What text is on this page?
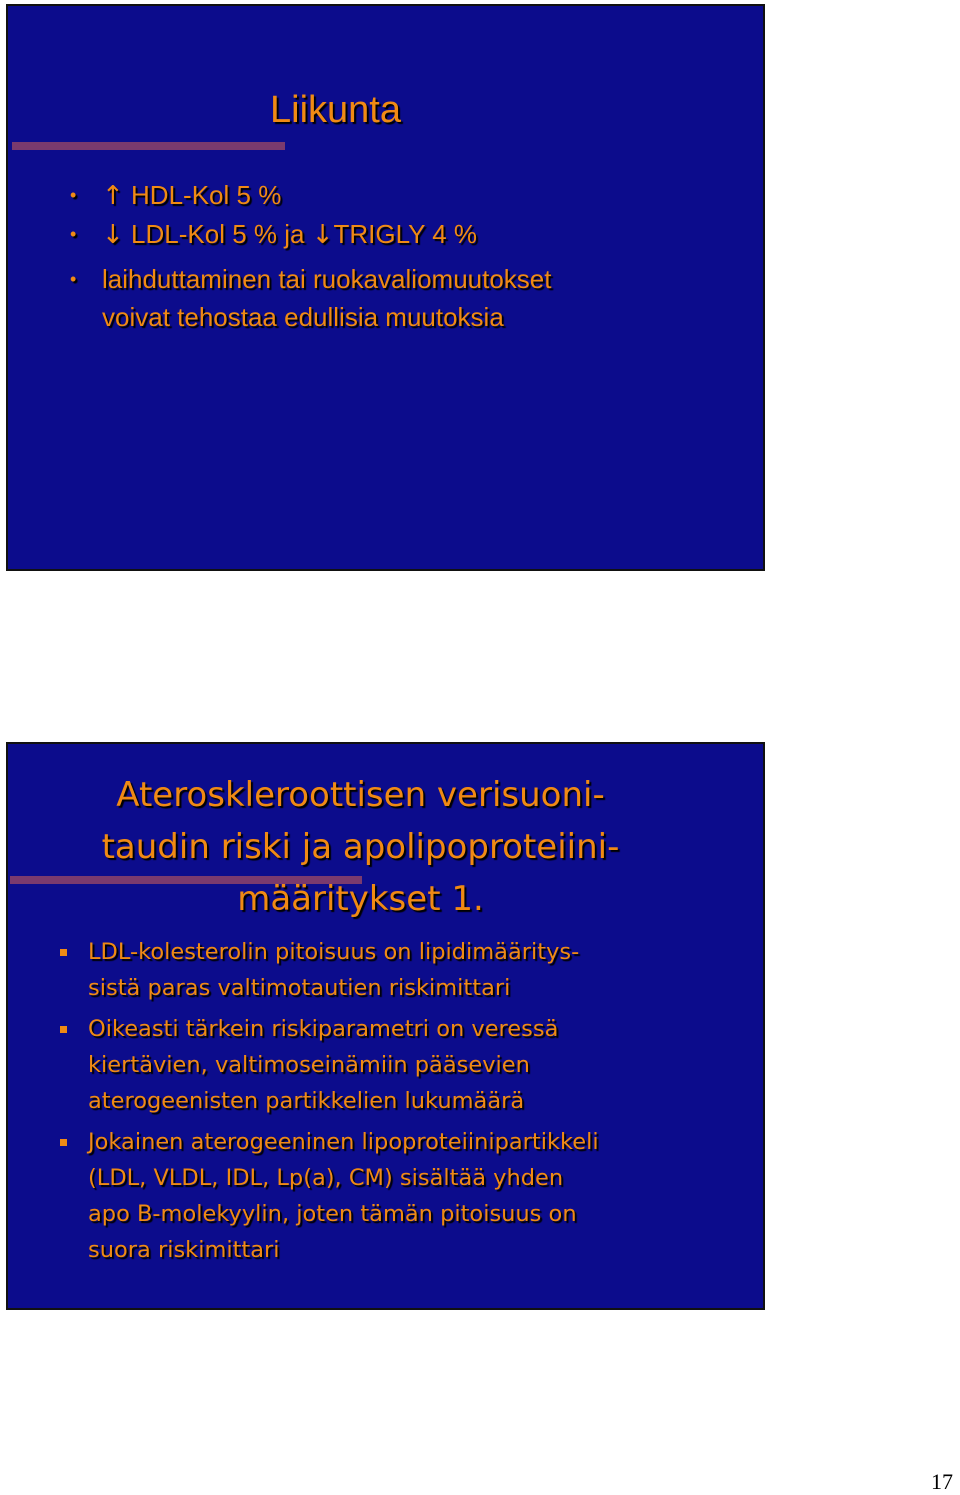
Liikunta
• ↑ HDL-Kol 5 %
• ↓ LDL-Kol 5 % ja ↓TRIGLY 4 %
• laihduttaminen tai ruokavaliomuutokset
voivat tehostaa edullisia muutoksia
Ateroskleroottisen verisuoni-
taudin riski ja apolipoproteiini-
määritykset 1.
LDL-kolesterolin pitoisuus on lipidimääritys-
sistä paras valtimotautien riskimittari
Oikeasti tärkein riskiparametri on veressä
kiertävien, valtimoseinämiin pääsevien
aterogeenisten partikkelien lukumäärä
Jokainen aterogeeninen lipoproteiinipartikkeli
(LDL, VLDL, IDL, Lp(a), CM) sisältää yhden
apo B-molekyylin, joten tämän pitoisuus on
suora riskimittari
17
